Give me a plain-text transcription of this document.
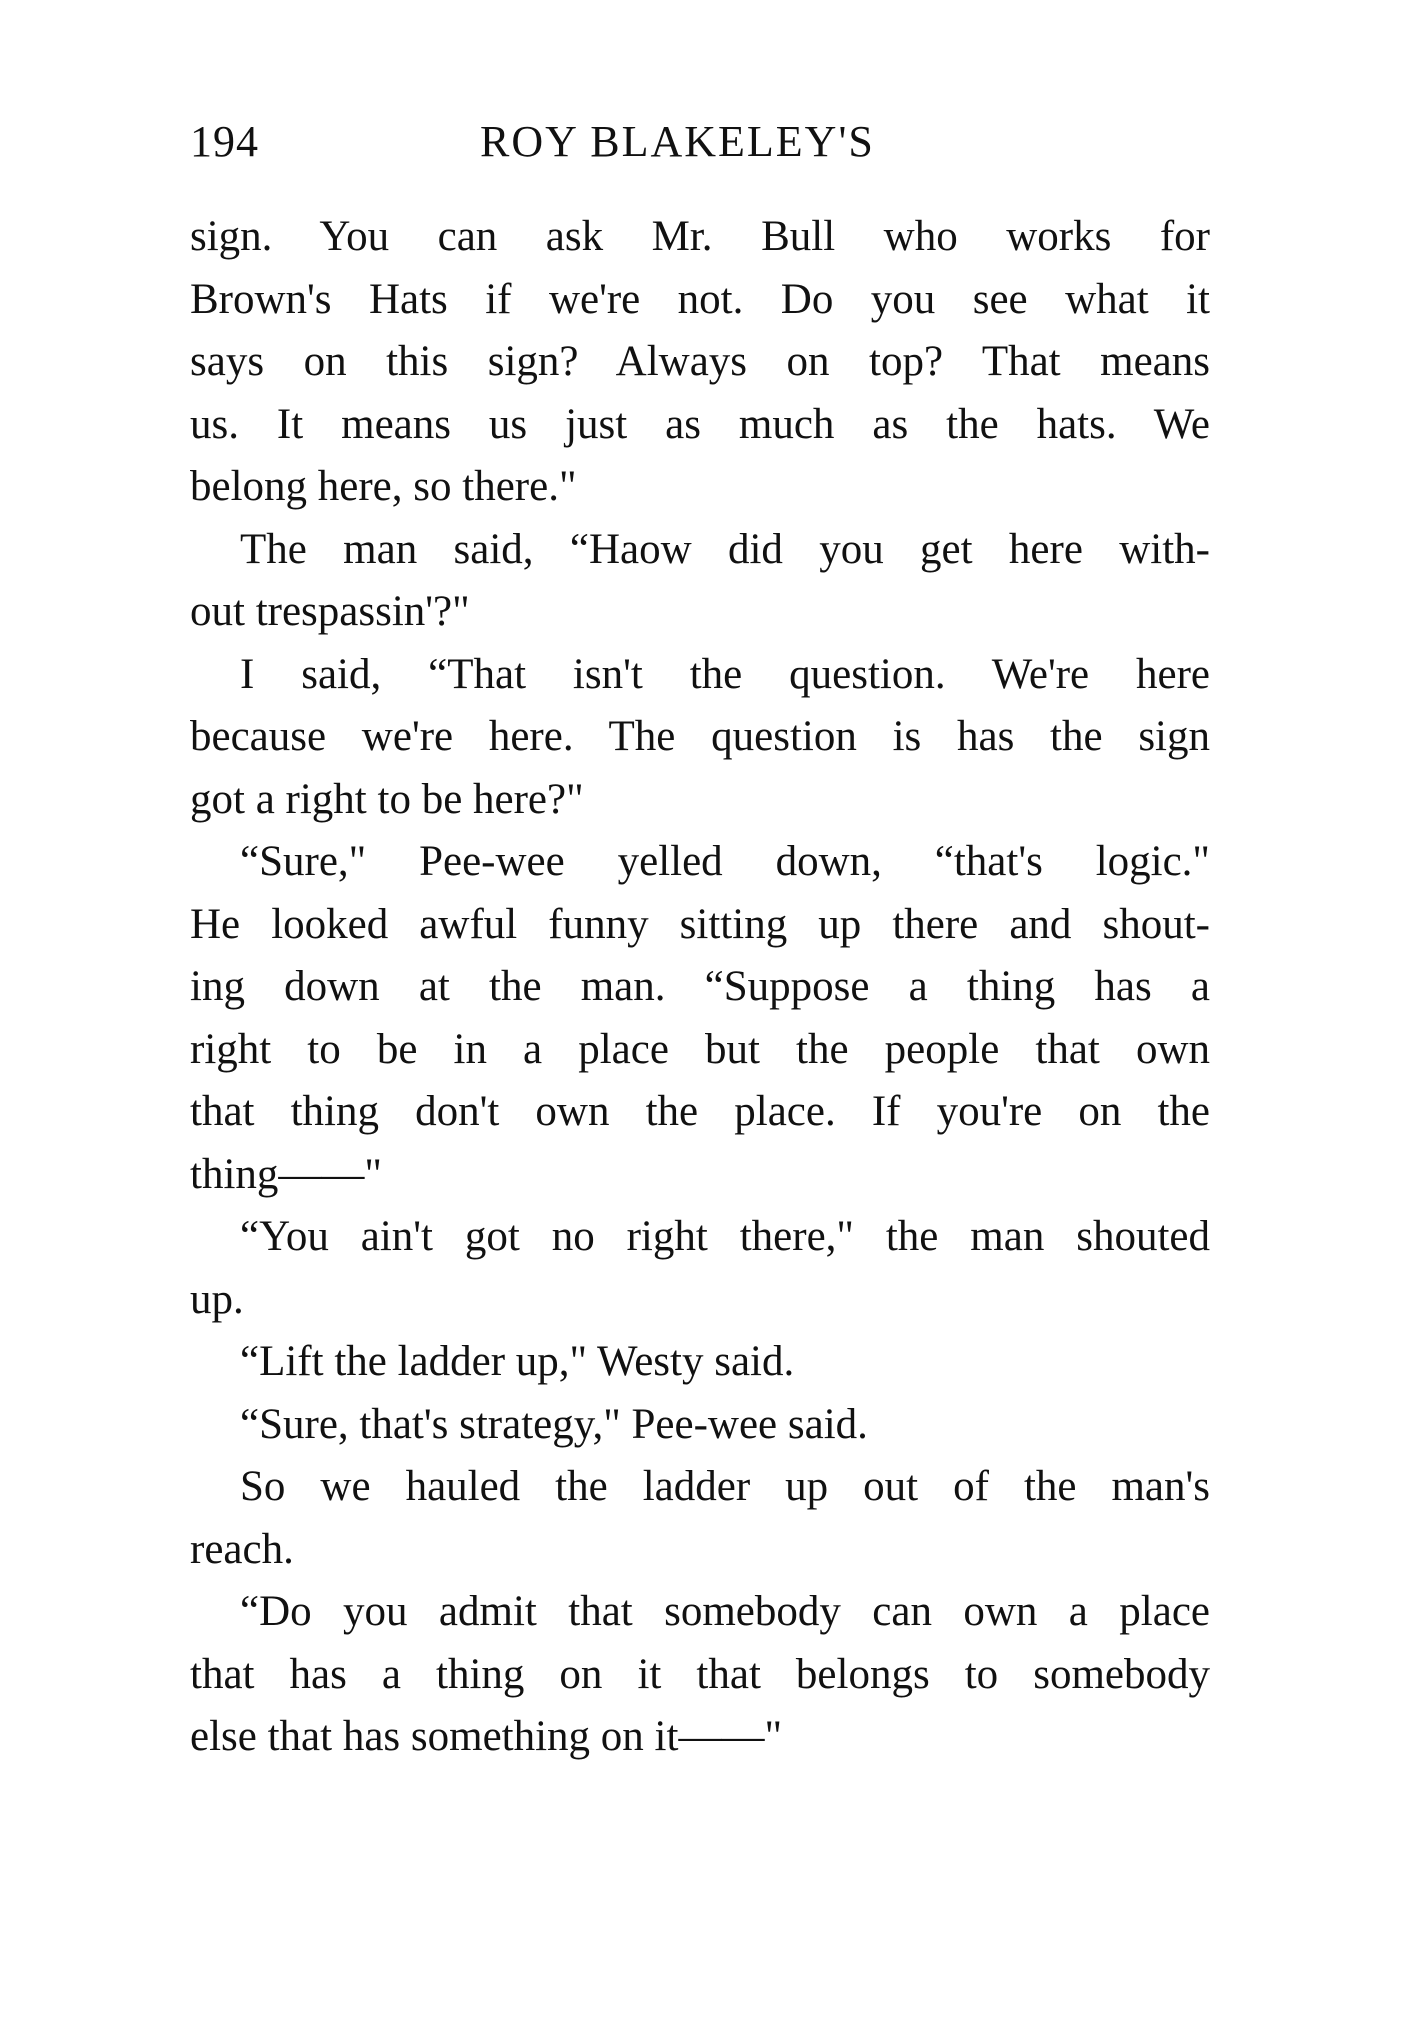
194	ROY BLAKELEY'S
sign. You can ask Mr. Bull who works for
Brown's Hats if we're not. Do you see what it
says on this sign? Always on top? That means
us. It means us just as much as the hats. We
belong here, so there."
The man said, “Haow did you get here with-
out trespassin'?"
I said, “That isn't the question. We're here
because we're here. The question is has the sign
got a right to be here?"
“Sure," Pee-wee yelled down, “that's logic."
He looked awful funny sitting up there and shout-
ing down at the man. “Suppose a thing has a
right to be in a place but the people that own
that thing don't own the place. If you're on the
thing——"
“You ain't got no right there," the man shouted
up.
“Lift the ladder up," Westy said.
“Sure, that's strategy," Pee-wee said.
So we hauled the ladder up out of the man's
reach.
“Do you admit that somebody can own a place
that has a thing on it that belongs to somebody
else that has something on it——"
